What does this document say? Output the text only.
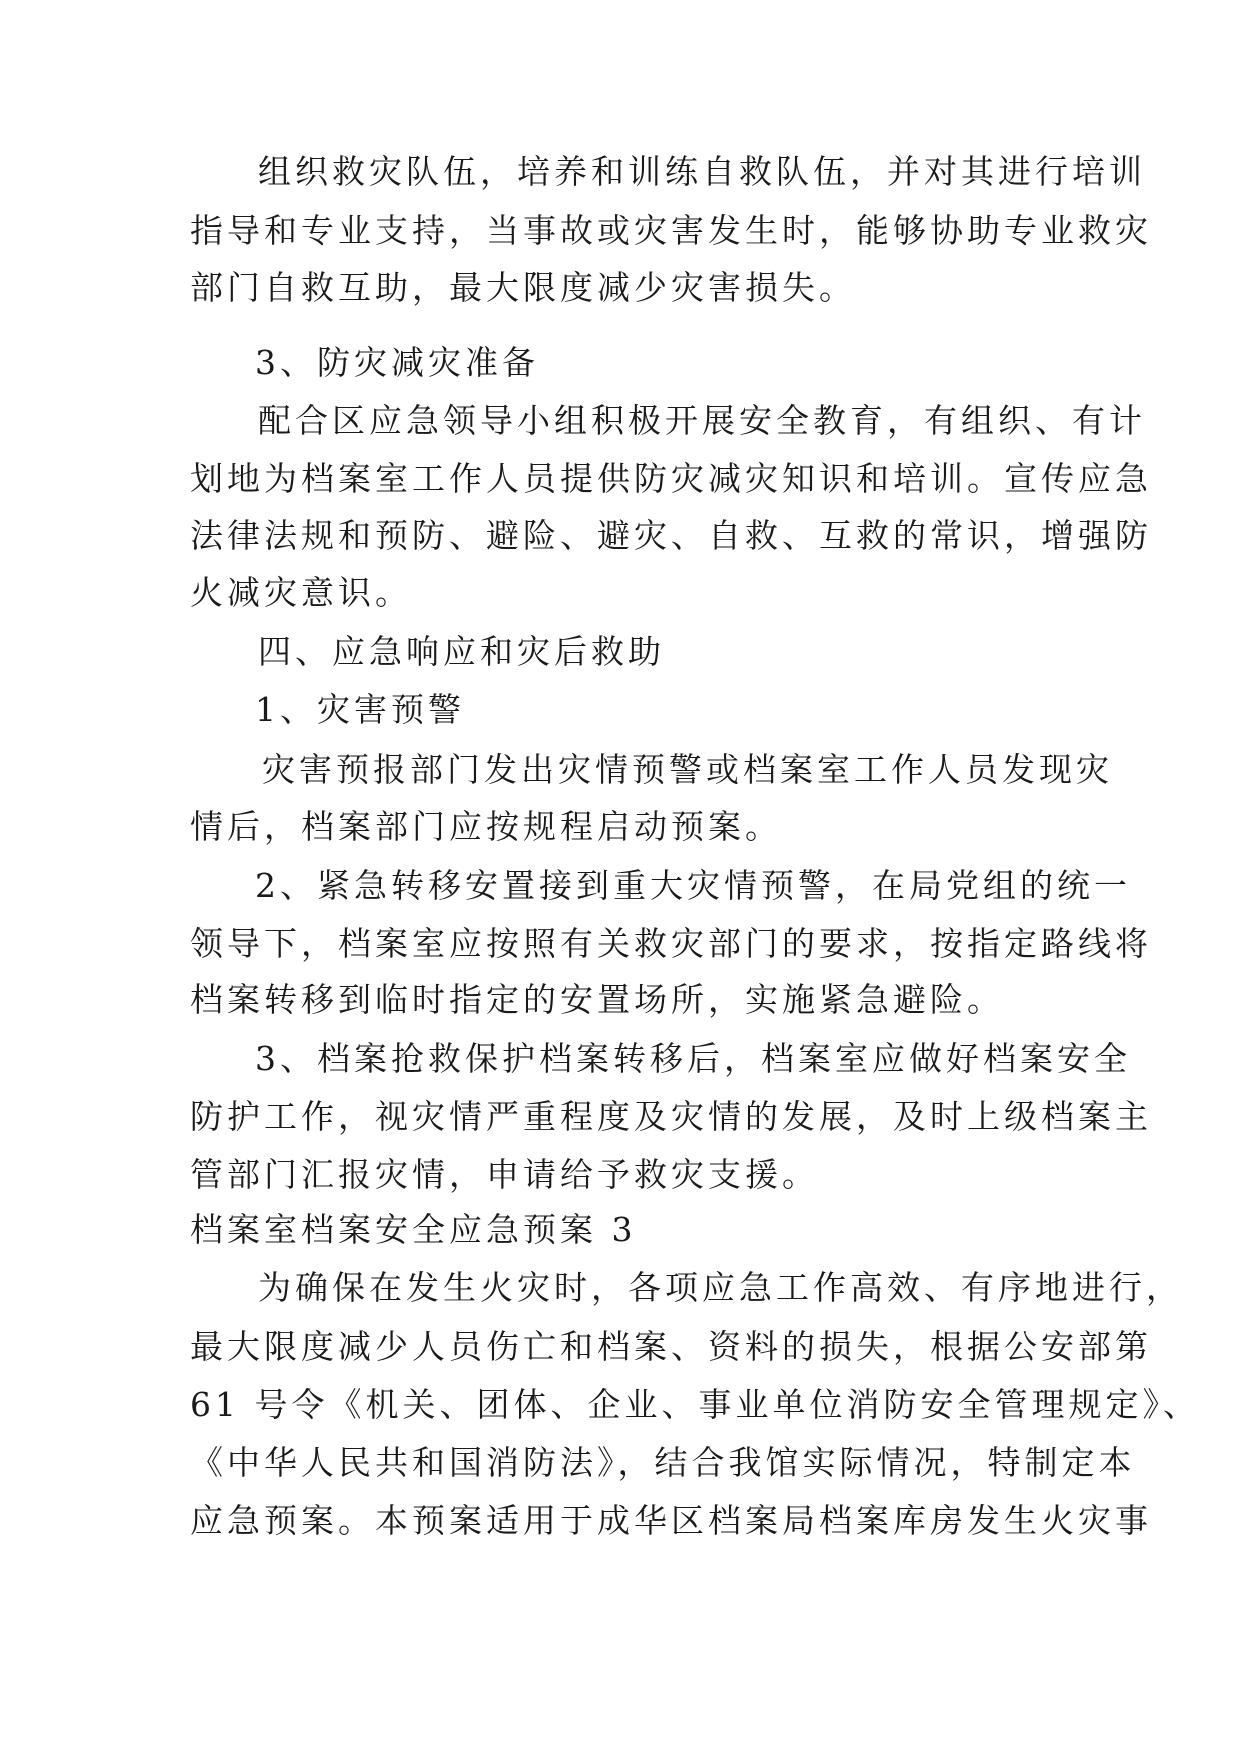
组织救灾队伍，培养和训练自救队伍，并对其进行培训
指导和专业支持，当事故或灾害发生时，能够协助专业救灾
部门自救互助，最大限度减少灾害损失。
3、防灾减灾准备
配合区应急领导小组积极开展安全教育，有组织、有计
划地为档案室工作人员提供防灾减灾知识和培训。宣传应急
法律法规和预防、避险、避灾、自救、互救的常识，增强防
火减灾意识。
四、应急响应和灾后救助
1、灾害预警
灾害预报部门发出灾情预警或档案室工作人员发现灾
情后，档案部门应按规程启动预案。
2、紧急转移安置接到重大灾情预警，在局党组的统一
领导下，档案室应按照有关救灾部门的要求，按指定路线将
档案转移到临时指定的安置场所，实施紧急避险。
3、档案抢救保护档案转移后，档案室应做好档案安全
防护工作，视灾情严重程度及灾情的发展，及时上级档案主
管部门汇报灾情，申请给予救灾支援。
档案室档案安全应急预案 3
为确保在发生火灾时，各项应急工作高效、有序地进行，
最大限度减少人员伤亡和档案、资料的损失，根据公安部第
61 号令《机关、团体、企业、事业单位消防安全管理规定》、
《中华人民共和国消防法》，结合我馆实际情况，特制定本
应急预案。本预案适用于成华区档案局档案库房发生火灾事
